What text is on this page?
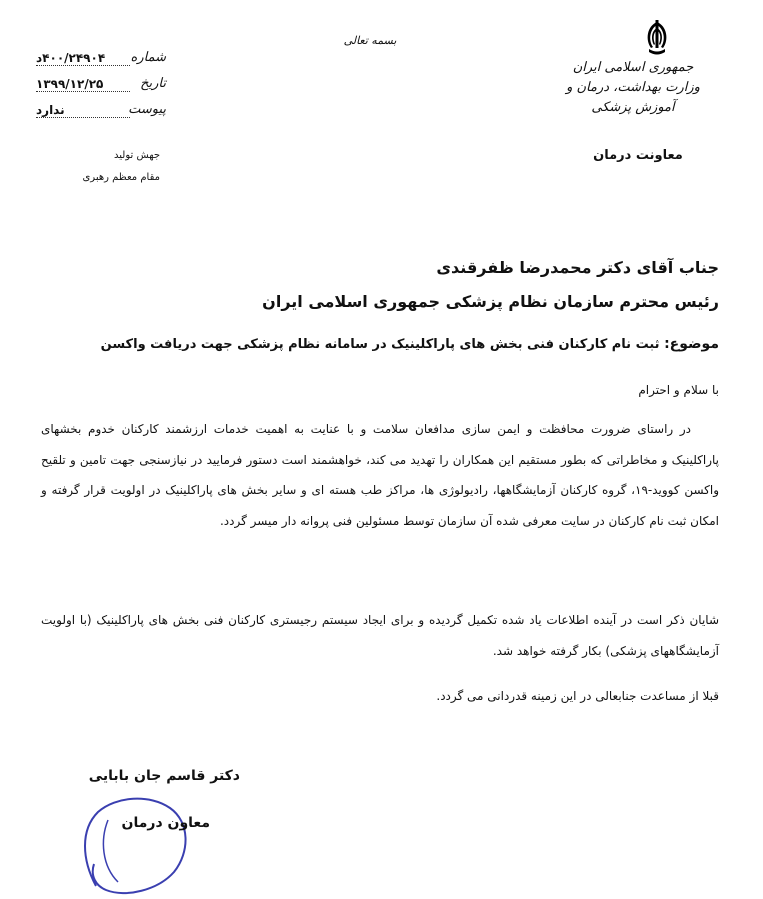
جمهوری اسلامی ایران
وزارت بهداشت، درمان و آموزش پزشکی
معاونت درمان
بسمه تعالی
شماره
۴۰۰/۲۴۹۰۴د
تاریخ
۱۳۹۹/۱۲/۲۵
پیوست
ندارد
جهش تولید
مقام معظم رهبری
جناب آقای دکتر محمدرضا ظفرقندی
رئیس محترم سازمان نظام پزشکی جمهوری اسلامی ایران
موضوع: ثبت نام کارکنان فنی بخش های پاراکلینیک در سامانه نظام پزشکی جهت دریافت واکسن
با سلام و احترام
در راستای ضرورت محافظت و ایمن سازی مدافعان سلامت و با عنایت به اهمیت خدمات ارزشمند کارکنان خدوم بخشهای پاراکلینیک و مخاطراتی که بطور مستقیم این همکاران را تهدید می کند، خواهشمند است دستور فرمایید در نیازسنجی جهت تامین و تلقیح واکسن کووید-۱۹، گروه کارکنان آزمایشگاهها، رادیولوژی ها، مراکز طب هسته ای و سایر بخش های پاراکلینیک در اولویت قرار گرفته و امکان ثبت نام کارکنان در سایت معرفی شده آن سازمان توسط مسئولین فنی پروانه دار میسر گردد.
شایان ذکر است در آینده اطلاعات یاد شده تکمیل گردیده و برای ایجاد سیستم رجیستری کارکنان فنی بخش های پاراکلینیک (با اولویت آزمایشگاههای پزشکی) بکار گرفته خواهد شد.
قبلا از مساعدت جنابعالی در این زمینه قدردانی می گردد.
دکتر قاسم جان بابایی
معاون درمان
